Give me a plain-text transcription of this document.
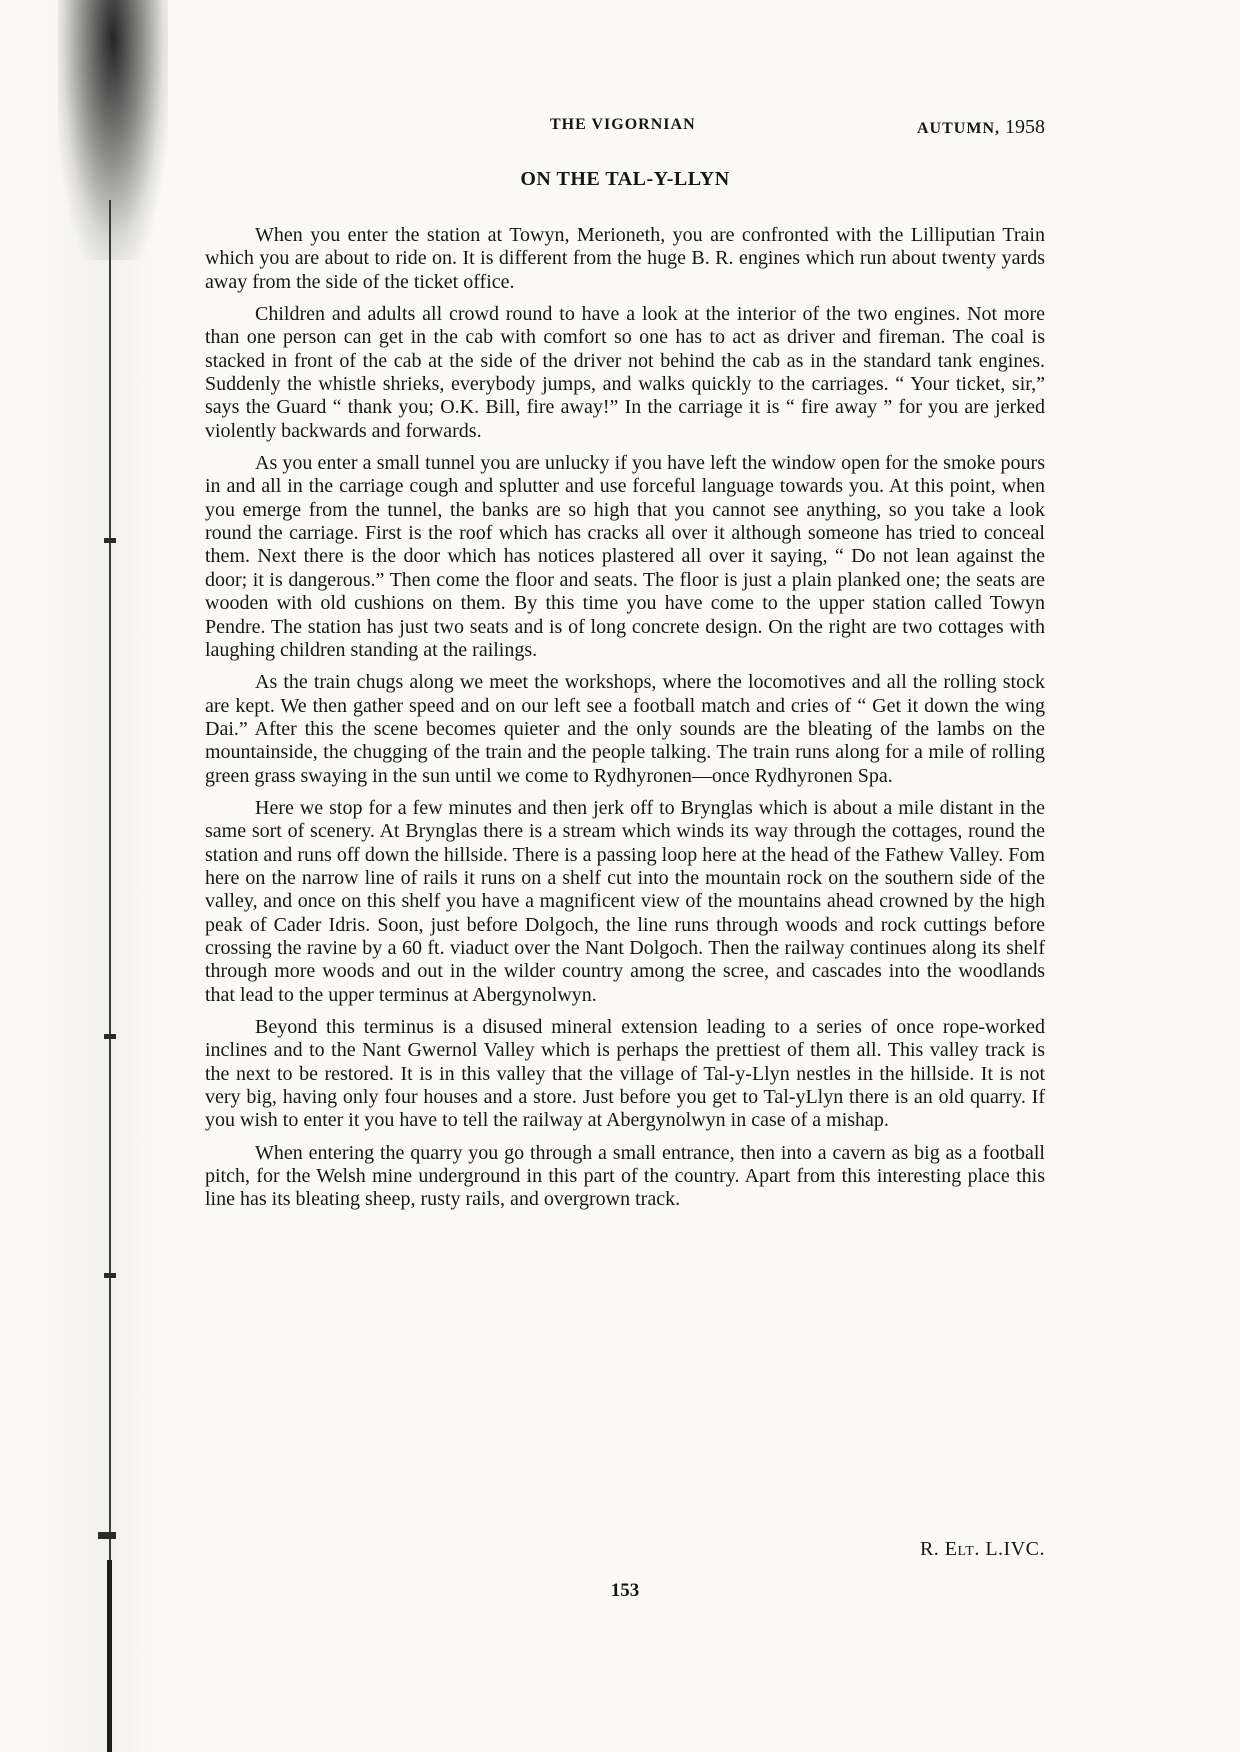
THE VIGORNIAN	AUTUMN, 1958
ON THE TAL-Y-LLYN

When you enter the station at Towyn, Merioneth, you are confronted with the Lilliputian Train which you are about to ride on. It is different from the huge B. R. engines which run about twenty yards away from the side of the ticket office.

Children and adults all crowd round to have a look at the interior of the two engines. Not more than one person can get in the cab with comfort so one has to act as driver and fireman. The coal is stacked in front of the cab at the side of the driver not behind the cab as in the standard tank engines. Suddenly the whistle shrieks, everybody jumps, and walks quickly to the carriages. “ Your ticket, sir,” says the Guard “ thank you; O.K. Bill, fire away!” In the carriage it is “ fire away ” for you are jerked violently backwards and forwards.

As you enter a small tunnel you are unlucky if you have left the window open for the smoke pours in and all in the carriage cough and splutter and use forceful language towards you. At this point, when you emerge from the tunnel, the banks are so high that you cannot see anything, so you take a look round the carriage. First is the roof which has cracks all over it although someone has tried to conceal them. Next there is the door which has notices plastered all over it saying, “ Do not lean against the door; it is dangerous.” Then come the floor and seats. The floor is just a plain planked one; the seats are wooden with old cushions on them. By this time you have come to the upper station called Towyn Pendre. The station has just two seats and is of long concrete design. On the right are two cottages with laughing children standing at the railings.

As the train chugs along we meet the workshops, where the locomotives and all the rolling stock are kept. We then gather speed and on our left see a football match and cries of “ Get it down the wing Dai.” After this the scene becomes quieter and the only sounds are the bleating of the lambs on the mountainside, the chugging of the train and the people talking. The train runs along for a mile of rolling green grass swaying in the sun until we come to Rydhyronen—once Rydhyronen Spa.

Here we stop for a few minutes and then jerk off to Brynglas which is about a mile distant in the same sort of scenery. At Brynglas there is a stream which winds its way through the cottages, round the station and runs off down the hillside. There is a passing loop here at the head of the Fathew Valley. Fom here on the narrow line of rails it runs on a shelf cut into the mountain rock on the southern side of the valley, and once on this shelf you have a magnificent view of the mountains ahead crowned by the high peak of Cader Idris. Soon, just before Dolgoch, the line runs through woods and rock cuttings before crossing the ravine by a 60 ft. viaduct over the Nant Dolgoch. Then the railway continues along its shelf through more woods and out in the wilder country among the scree, and cascades into the woodlands that lead to the upper terminus at Abergynolwyn.

Beyond this terminus is a disused mineral extension leading to a series of once rope-worked inclines and to the Nant Gwernol Valley which is perhaps the prettiest of them all. This valley track is the next to be restored. It is in this valley that the village of Tal-y-Llyn nestles in the hillside. It is not very big, having only four houses and a store. Just before you get to Tal-yLlyn there is an old quarry. If you wish to enter it you have to tell the railway at Abergynolwyn in case of a mishap.

When entering the quarry you go through a small entrance, then into a cavern as big as a football pitch, for the Welsh mine underground in this part of the country. Apart from this interesting place this line has its bleating sheep, rusty rails, and overgrown track.

R. Elt. L.IVC.
153
